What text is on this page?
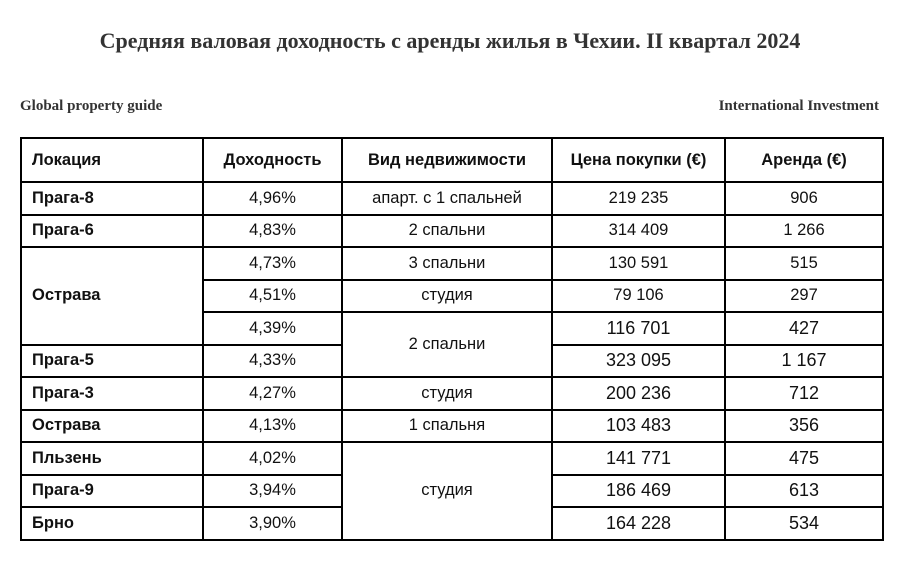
Средняя валовая доходность с аренды жилья в Чехии. II квартал 2024
Global property guide	International Investment
Локация	Доходность	Вид недвижимости	Цена покупки (€)	Аренда (€)
Прага-8	4,96%	апарт. с 1 спальней	219 235	906
Прага-6	4,83%	2 спальни	314 409	1 266
Острава	4,73%	3 спальни	130 591	515
	4,51%	студия	79 106	297
	4,39%	2 спальни	116 701	427
Прага-5	4,33%		323 095	1 167
Прага-3	4,27%	студия	200 236	712
Острава	4,13%	1 спальня	103 483	356
Пльзень	4,02%	студия	141 771	475
Прага-9	3,94%		186 469	613
Брно	3,90%		164 228	534
